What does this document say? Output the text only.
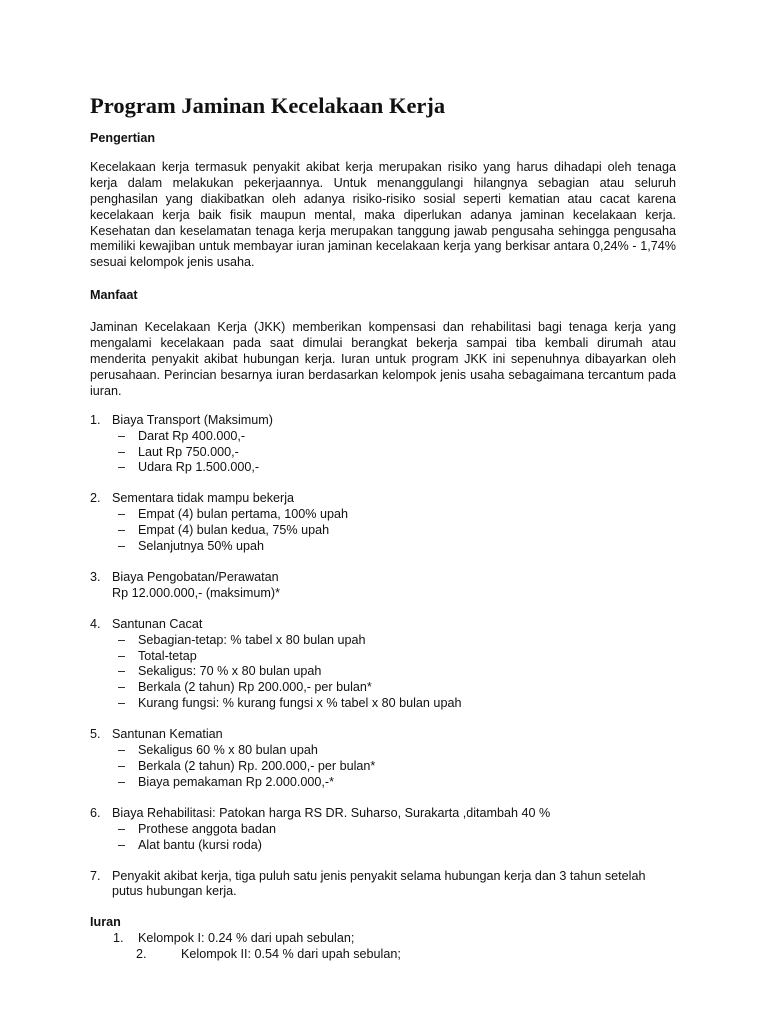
Program Jaminan Kecelakaan Kerja

Pengertian

Kecelakaan kerja termasuk penyakit akibat kerja merupakan risiko yang harus dihadapi oleh tenaga kerja dalam melakukan pekerjaannya. Untuk menanggulangi hilangnya sebagian atau seluruh penghasilan yang diakibatkan oleh adanya risiko-risiko sosial seperti kematian atau cacat karena kecelakaan kerja baik fisik maupun mental, maka diperlukan adanya jaminan kecelakaan kerja. Kesehatan dan keselamatan tenaga kerja merupakan tanggung jawab pengusaha sehingga pengusaha memiliki kewajiban untuk membayar iuran jaminan kecelakaan kerja yang berkisar antara 0,24% - 1,74% sesuai kelompok jenis usaha.

Manfaat

Jaminan Kecelakaan Kerja (JKK) memberikan kompensasi dan rehabilitasi bagi tenaga kerja yang mengalami kecelakaan pada saat dimulai berangkat bekerja sampai tiba kembali dirumah atau menderita penyakit akibat hubungan kerja. Iuran untuk program JKK ini sepenuhnya dibayarkan oleh perusahaan. Perincian besarnya iuran berdasarkan kelompok jenis usaha sebagaimana tercantum pada iuran.

1. Biaya Transport (Maksimum)
– Darat Rp 400.000,-
– Laut Rp 750.000,-
– Udara Rp 1.500.000,-
2. Sementara tidak mampu bekerja
– Empat (4) bulan pertama, 100% upah
– Empat (4) bulan kedua, 75% upah
– Selanjutnya 50% upah
3. Biaya Pengobatan/Perawatan
Rp 12.000.000,- (maksimum)*
4. Santunan Cacat
– Sebagian-tetap: % tabel x 80 bulan upah
– Total-tetap
– Sekaligus: 70 % x 80 bulan upah
– Berkala (2 tahun) Rp 200.000,- per bulan*
– Kurang fungsi: % kurang fungsi x % tabel x 80 bulan upah
5. Santunan Kematian
– Sekaligus 60 % x 80 bulan upah
– Berkala (2 tahun) Rp. 200.000,- per bulan*
– Biaya pemakaman Rp 2.000.000,-*
6. Biaya Rehabilitasi: Patokan harga RS DR. Suharso, Surakarta ,ditambah 40 %
– Prothese anggota badan
– Alat bantu (kursi roda)
7. Penyakit akibat kerja, tiga puluh satu jenis penyakit selama hubungan kerja dan 3 tahun setelah putus hubungan kerja.

Iuran

1. Kelompok I: 0.24 % dari upah sebulan;
2.	Kelompok II: 0.54 % dari upah sebulan;
